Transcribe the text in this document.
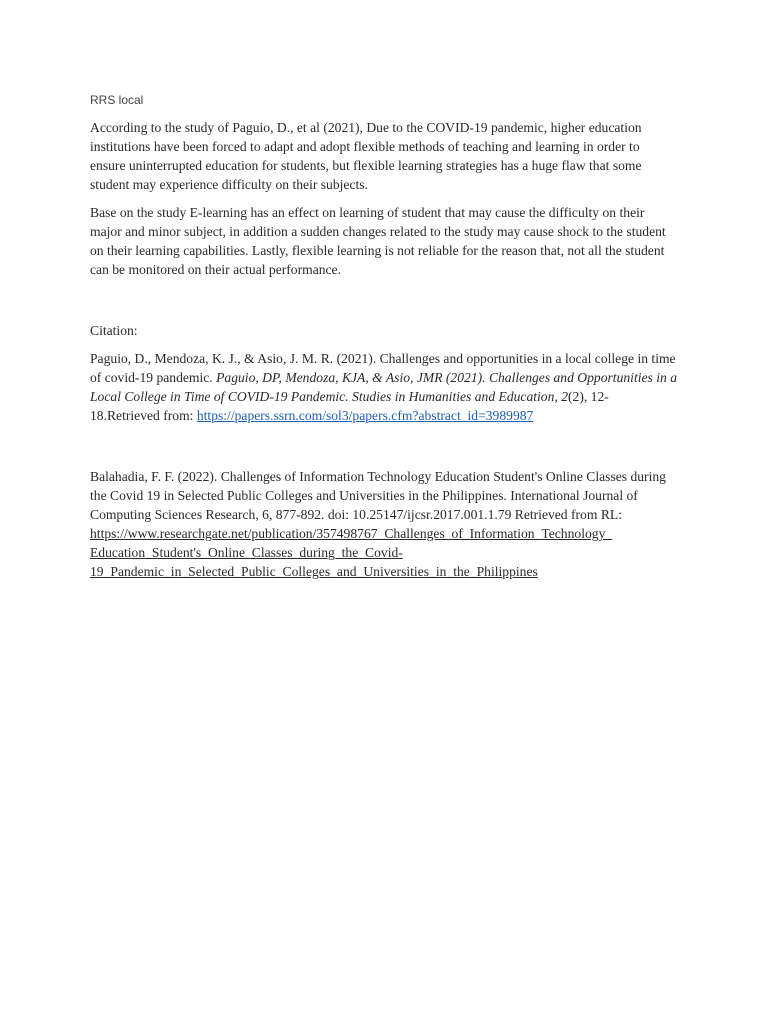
RRS local

According to the study of Paguio, D., et al (2021), Due to the COVID-19 pandemic, higher education institutions have been forced to adapt and adopt flexible methods of teaching and learning in order to ensure uninterrupted education for students, but flexible learning strategies has a huge flaw that some student may experience difficulty on their subjects.

Base on the study E-learning has an effect on learning of student that may cause the difficulty on their major and minor subject, in addition a sudden changes related to the study may cause shock to the student on their learning capabilities. Lastly, flexible learning is not reliable for the reason that, not all the student can be monitored on their actual performance.

Citation:

Paguio, D., Mendoza, K. J., & Asio, J. M. R. (2021). Challenges and opportunities in a local college in time of covid-19 pandemic. Paguio, DP, Mendoza, KJA, & Asio, JMR (2021). Challenges and Opportunities in a Local College in Time of COVID-19 Pandemic. Studies in Humanities and Education, 2(2), 12-18.Retrieved from: https://papers.ssrn.com/sol3/papers.cfm?abstract_id=3989987

Balahadia, F. F. (2022). Challenges of Information Technology Education Student's Online Classes during the Covid 19 in Selected Public Colleges and Universities in the Philippines. International Journal of Computing Sciences Research, 6, 877-892. doi: 10.25147/ijcsr.2017.001.1.79 Retrieved from RL:
https://www.researchgate.net/publication/357498767_Challenges_of_Information_Technology_
Education_Student's_Online_Classes_during_the_Covid-
19_Pandemic_in_Selected_Public_Colleges_and_Universities_in_the_Philippines
